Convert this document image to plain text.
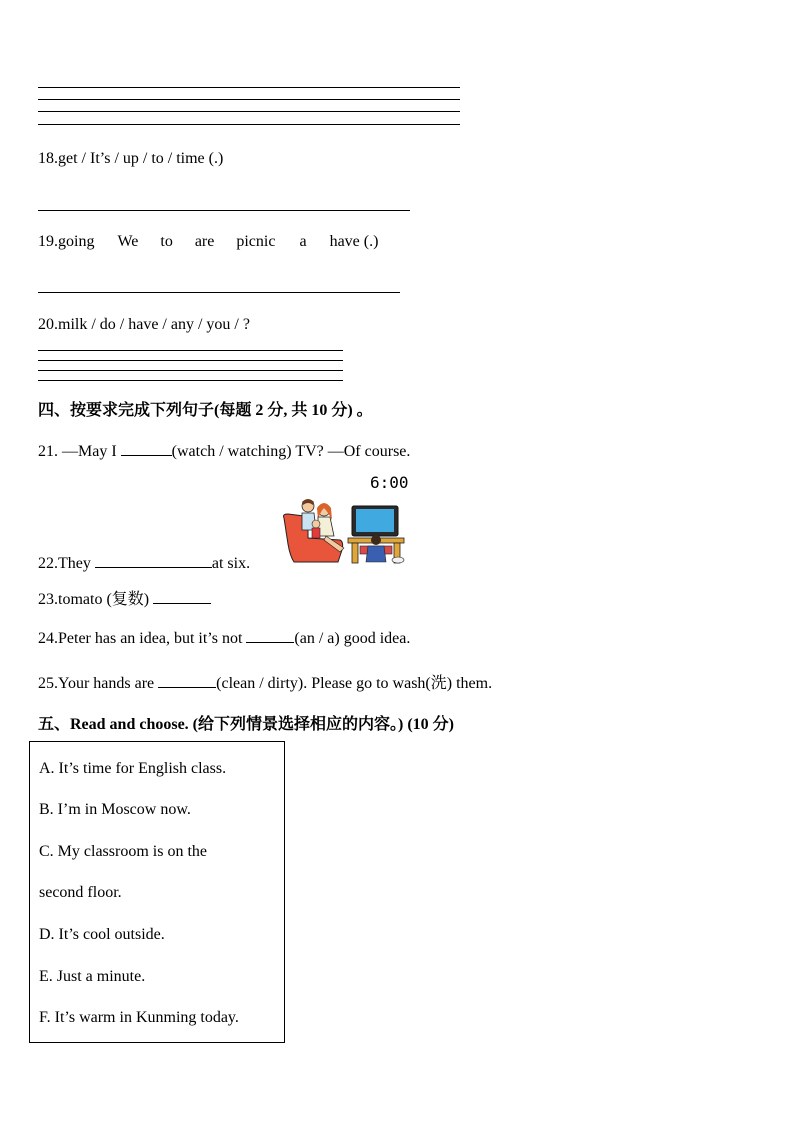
18.get / It’s / up / to / time (.)
19.going We to are picnic a have (.)
20.milk / do / have / any / you / ?
四、按要求完成下列句子(每题 2 分, 共 10 分) 。
21. —May I	(watch / watching) TV? —Of course.
6:00
22.They	at six.
23.tomato (复数)
24.Peter has an idea, but it’s not	(an / a) good idea.
25.Your hands are	(clean / dirty). Please go to wash(洗) them.
五、Read and choose. (给下列情景选择相应的内容。) (10 分)
A. It’s time for English class.
B. I’m in Moscow now.
C. My classroom is on the
second floor.
D. It’s cool outside.
E. Just a minute.
F. It’s warm in Kunming today.
